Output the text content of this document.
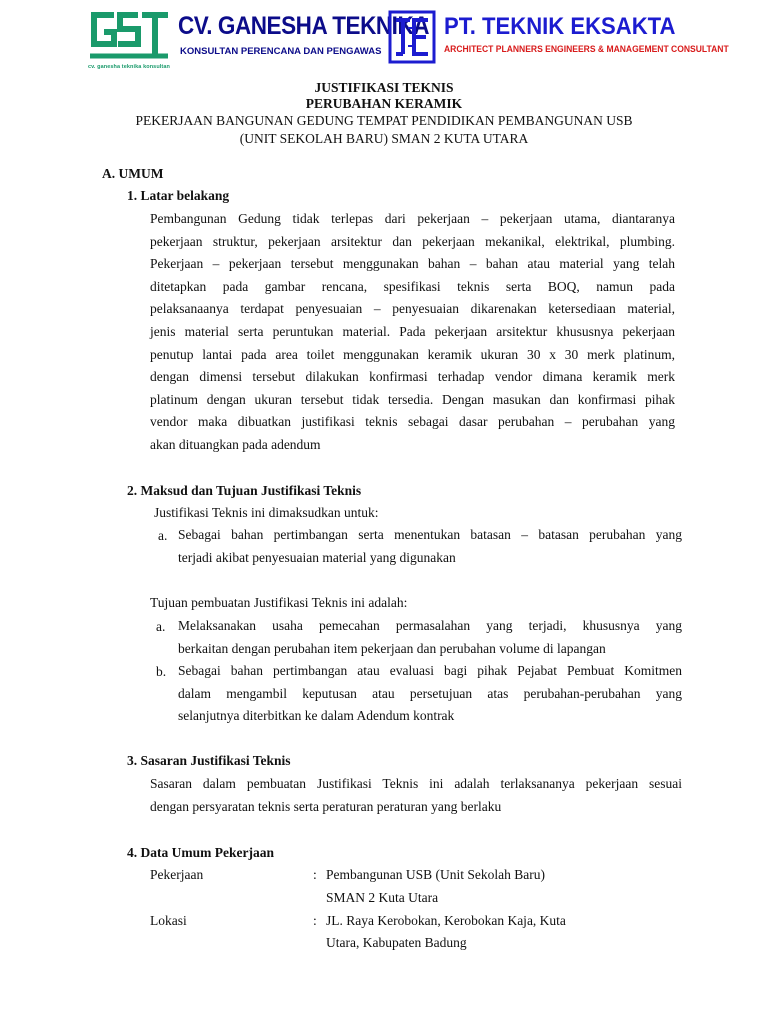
cv. ganesha teknika konsultan
CV. GANESHA TEKNIKA
KONSULTAN PERENCANA DAN PENGAWAS
PT. TEKNIK EKSAKTA
ARCHITECT PLANNERS ENGINEERS & MANAGEMENT CONSULTANT
JUSTIFIKASI TEKNIS
PERUBAHAN KERAMIK
PEKERJAAN BANGUNAN GEDUNG TEMPAT PENDIDIKAN PEMBANGUNAN USB
(UNIT SEKOLAH BARU) SMAN 2 KUTA UTARA
A. UMUM
1. Latar belakang
Pembangunan Gedung tidak terlepas dari pekerjaan – pekerjaan utama, diantaranya
pekerjaan struktur, pekerjaan arsitektur dan pekerjaan mekanikal, elektrikal, plumbing.
Pekerjaan – pekerjaan tersebut menggunakan bahan – bahan atau material yang telah
ditetapkan pada gambar rencana, spesifikasi teknis serta BOQ, namun pada
pelaksanaanya terdapat penyesuaian – penyesuaian dikarenakan ketersediaan material,
jenis material serta peruntukan material. Pada pekerjaan arsitektur khususnya pekerjaan
penutup lantai pada area toilet menggunakan keramik ukuran 30 x 30 merk platinum,
dengan dimensi tersebut dilakukan konfirmasi terhadap vendor dimana keramik merk
platinum dengan ukuran tersebut tidak tersedia. Dengan masukan dan konfirmasi pihak
vendor maka dibuatkan justifikasi teknis sebagai dasar perubahan – perubahan yang
akan dituangkan pada adendum
2. Maksud dan Tujuan Justifikasi Teknis
Justifikasi Teknis ini dimaksudkan untuk:
a. Sebagai bahan pertimbangan serta menentukan batasan – batasan perubahan yang
terjadi akibat penyesuaian material yang digunakan
Tujuan pembuatan Justifikasi Teknis ini adalah:
a. Melaksanakan usaha pemecahan permasalahan yang terjadi, khususnya yang
berkaitan dengan perubahan item pekerjaan dan perubahan volume di lapangan
b. Sebagai bahan pertimbangan atau evaluasi bagi pihak Pejabat Pembuat Komitmen
dalam mengambil keputusan atau persetujuan atas perubahan-perubahan yang
selanjutnya diterbitkan ke dalam Adendum kontrak
3. Sasaran Justifikasi Teknis
Sasaran dalam pembuatan Justifikasi Teknis ini adalah terlaksananya pekerjaan sesuai
dengan persyaratan teknis serta peraturan peraturan yang berlaku
4. Data Umum Pekerjaan
Pekerjaan	: Pembangunan USB (Unit Sekolah Baru)
SMAN 2 Kuta Utara
Lokasi	: JL. Raya Kerobokan, Kerobokan Kaja, Kuta
Utara, Kabupaten Badung
